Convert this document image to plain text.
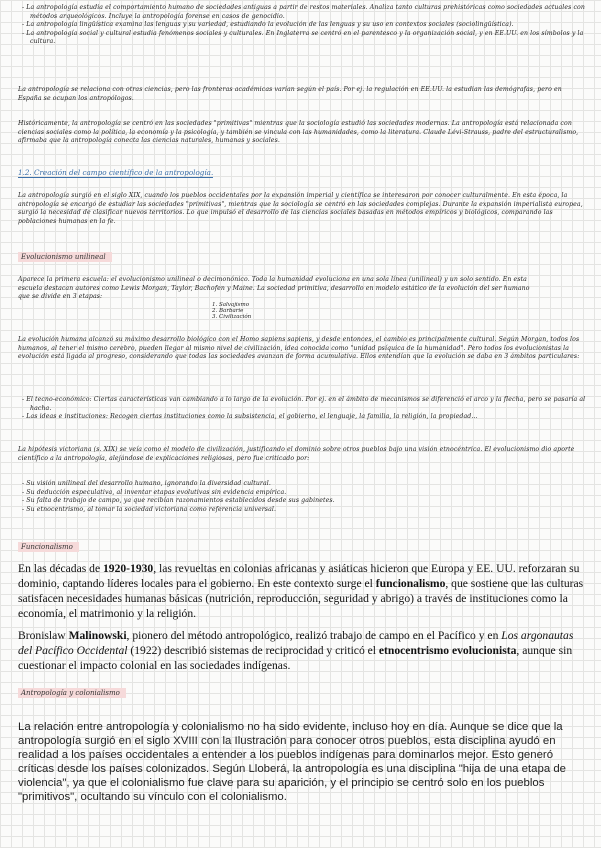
- La antropología estudia el comportamiento humano de sociedades antiguas a partir de restos materiales. Analiza tanto culturas prehistóricas como sociedades actuales con métodos arqueológicos. Incluye la antropología forense en casos de genocidio.

- La antropología lingüística examina las lenguas y su variedad, estudiando la evolución de las lenguas y su uso en contextos sociales (sociolingüística).

- La antropología social y cultural estudia fenómenos sociales y culturales. En Inglaterra se centró en el parentesco y la organización social, y en EE.UU. en los símbolos y la cultura.

La antropología se relaciona con otras ciencias, pero las fronteras académicas varían según el país. Por ej. la regulación en EE.UU. la estudian las demógrafas, pero en España se ocupan los antropólogos.

Históricamente, la antropología se centró en las sociedades "primitivas" mientras que la sociología estudió las sociedades modernas. La antropología está relacionada con ciencias sociales como la política, la economía y la psicología, y también se vincula con las humanidades, como la literatura. Claude Lévi-Strauss, padre del estructuralismo, afirmaba que la antropología conecta las ciencias naturales, humanas y sociales.

1.2. Creación del campo científico de la antropología.

La antropología surgió en el siglo XIX, cuando los pueblos occidentales por la expansión imperial y científica se interesaron por conocer culturalmente. En esta época, la antropología se encargó de estudiar las sociedades "primitivas", mientras que la sociología se centró en las sociedades complejas. Durante la expansión imperialista europea, surgió la necesidad de clasificar nuevos territorios. Lo que impulsó el desarrollo de las ciencias sociales basadas en métodos empíricos y biológicos, comparando las poblaciones humanas en la fe.

Evolucionismo unilineal

Aparece la primera escuela: el evolucionismo unilineal o decimonónico. Toda la humanidad evoluciona en una sola línea (unilineal) y un solo sentido. En esta escuela destacan autores como Lewis Morgan, Taylor, Bachofen y Maine. La sociedad primitiva, desarrollo en modelo estático de la evolución del ser humano que se divide en 3 etapas:

1. Salvajismo
2. Barbarie
3. Civilización

La evolución humana alcanzó su máximo desarrollo biológico con el Homo sapiens sapiens, y desde entonces, el cambio es principalmente cultural. Según Morgan, todos los humanos, al tener el mismo cerebro, pueden llegar al mismo nivel de civilización, idea conocida como "unidad psíquica de la humanidad". Pero todos los evolucionistas la evolución está ligada al progreso, considerando que todas las sociedades avanzan de forma acumulativa. Ellos entendían que la evolución se daba en 3 ámbitos particulares:

- El tecno-económico: Ciertas características van cambiando a lo largo de la evolución. Por ej. en el ámbito de mecanismos se diferenció el arco y la flecha, pero se pasaría al hacha.

- Las ideas e instituciones: Recogen ciertas instituciones como la subsistencia, el gobierno, el lenguaje, la familia, la religión, la propiedad...

La hipótesis victoriana (s. XIX) se veía como el modelo de civilización, justificando el dominio sobre otros pueblos bajo una visión etnocéntrica. El evolucionismo dio aporte científico a la antropología, alejándose de explicaciones religiosas, pero fue criticado por:

- Su visión unilineal del desarrollo humano, ignorando la diversidad cultural.

- Su deducción especulativa, al inventar etapas evolutivas sin evidencia empírica.

- Su falta de trabajo de campo, ya que recibían razonamientos establecidos desde sus gabinetes.

- Su etnocentrismo, al tomar la sociedad victoriana como referencia universal.

Funcionalismo

En las décadas de 1920-1930, las revueltas en colonias africanas y asiáticas hicieron que Europa y EE. UU. reforzaran su dominio, captando líderes locales para el gobierno. En este contexto surge el funcionalismo, que sostiene que las culturas satisfacen necesidades humanas básicas (nutrición, reproducción, seguridad y abrigo) a través de instituciones como la economía, el matrimonio y la religión.

Bronislaw Malinowski, pionero del método antropológico, realizó trabajo de campo en el Pacífico y en Los argonautas del Pacífico Occidental (1922) describió sistemas de reciprocidad y criticó el etnocentrismo evolucionista, aunque sin cuestionar el impacto colonial en las sociedades indígenas.

Antropología y colonialismo

La relación entre antropología y colonialismo no ha sido evidente, incluso hoy en día. Aunque se dice que la antropología surgió en el siglo XVIII con la Ilustración para conocer otros pueblos, esta disciplina ayudó en realidad a los países occidentales a entender a los pueblos indígenas para dominarlos mejor. Esto generó críticas desde los países colonizados. Según Lloberá, la antropología es una disciplina "hija de una etapa de violencia", ya que el colonialismo fue clave para su aparición, y el principio se centró solo en los pueblos "primitivos", ocultando su vínculo con el colonialismo.
